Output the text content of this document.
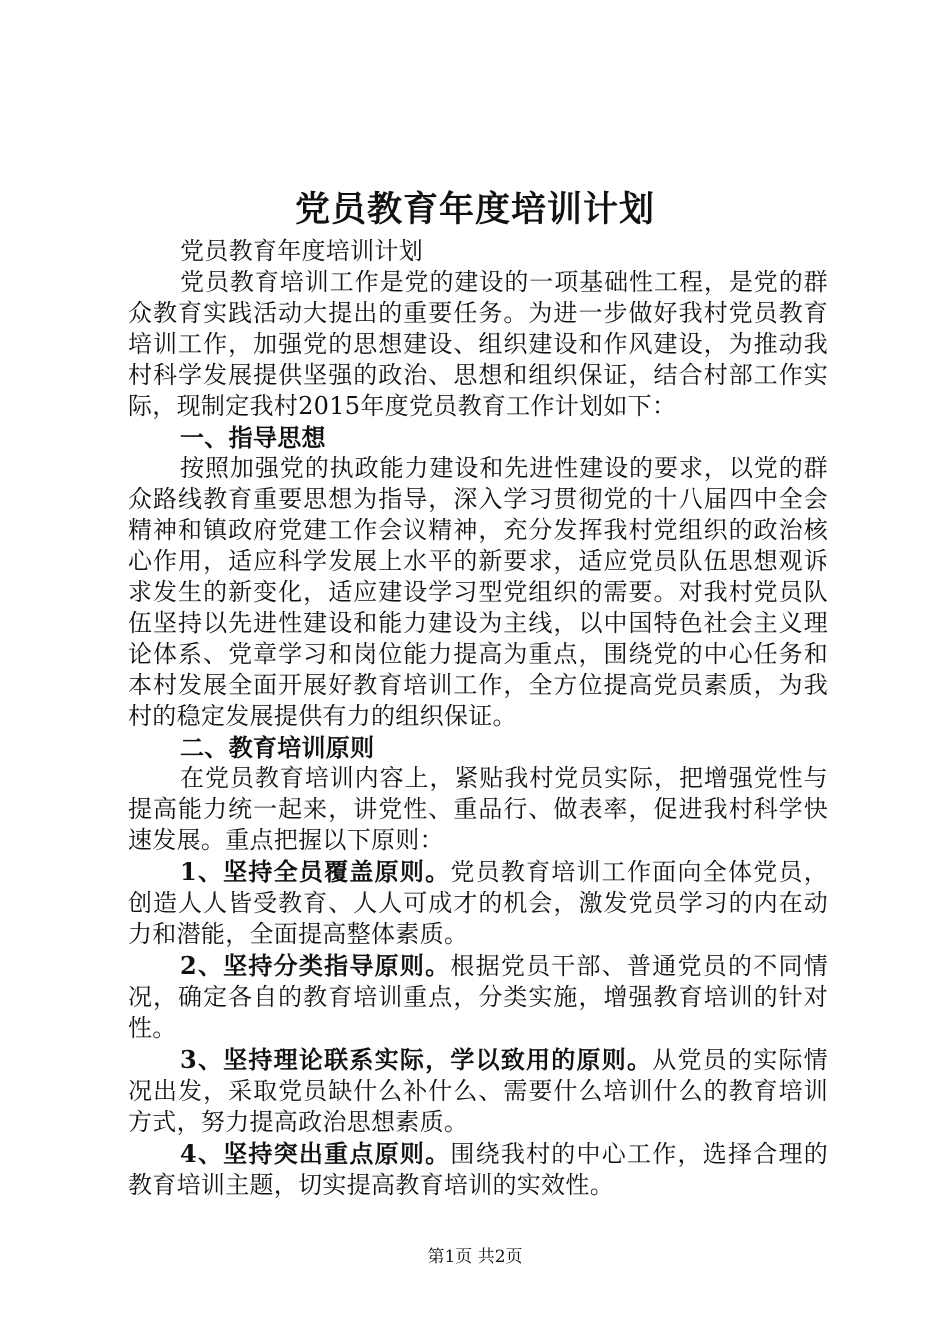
党员教育年度培训计划

党员教育年度培训计划

党员教育培训工作是党的建设的一项基础性工程，是党的群众教育实践活动大提出的重要任务。为进一步做好我村党员教育培训工作，加强党的思想建设、组织建设和作风建设，为推动我村科学发展提供坚强的政治、思想和组织保证，结合村部工作实际，现制定我村2015年度党员教育工作计划如下：

一、指导思想

按照加强党的执政能力建设和先进性建设的要求，以党的群众路线教育重要思想为指导，深入学习贯彻党的十八届四中全会精神和镇政府党建工作会议精神，充分发挥我村党组织的政治核心作用，适应科学发展上水平的新要求，适应党员队伍思想观诉求发生的新变化，适应建设学习型党组织的需要。对我村党员队伍坚持以先进性建设和能力建设为主线，以中国特色社会主义理论体系、党章学习和岗位能力提高为重点，围绕党的中心任务和本村发展全面开展好教育培训工作，全方位提高党员素质，为我村的稳定发展提供有力的组织保证。

二、教育培训原则

在党员教育培训内容上，紧贴我村党员实际，把增强党性与提高能力统一起来，讲党性、重品行、做表率，促进我村科学快速发展。重点把握以下原则：

1、坚持全员覆盖原则。党员教育培训工作面向全体党员，创造人人皆受教育、人人可成才的机会，激发党员学习的内在动力和潜能，全面提高整体素质。

2、坚持分类指导原则。根据党员干部、普通党员的不同情况，确定各自的教育培训重点，分类实施，增强教育培训的针对性。

3、坚持理论联系实际，学以致用的原则。从党员的实际情况出发，采取党员缺什么补什么、需要什么培训什么的教育培训方式，努力提高政治思想素质。

4、坚持突出重点原则。围绕我村的中心工作，选择合理的教育培训主题，切实提高教育培训的实效性。

第1页 共2页
